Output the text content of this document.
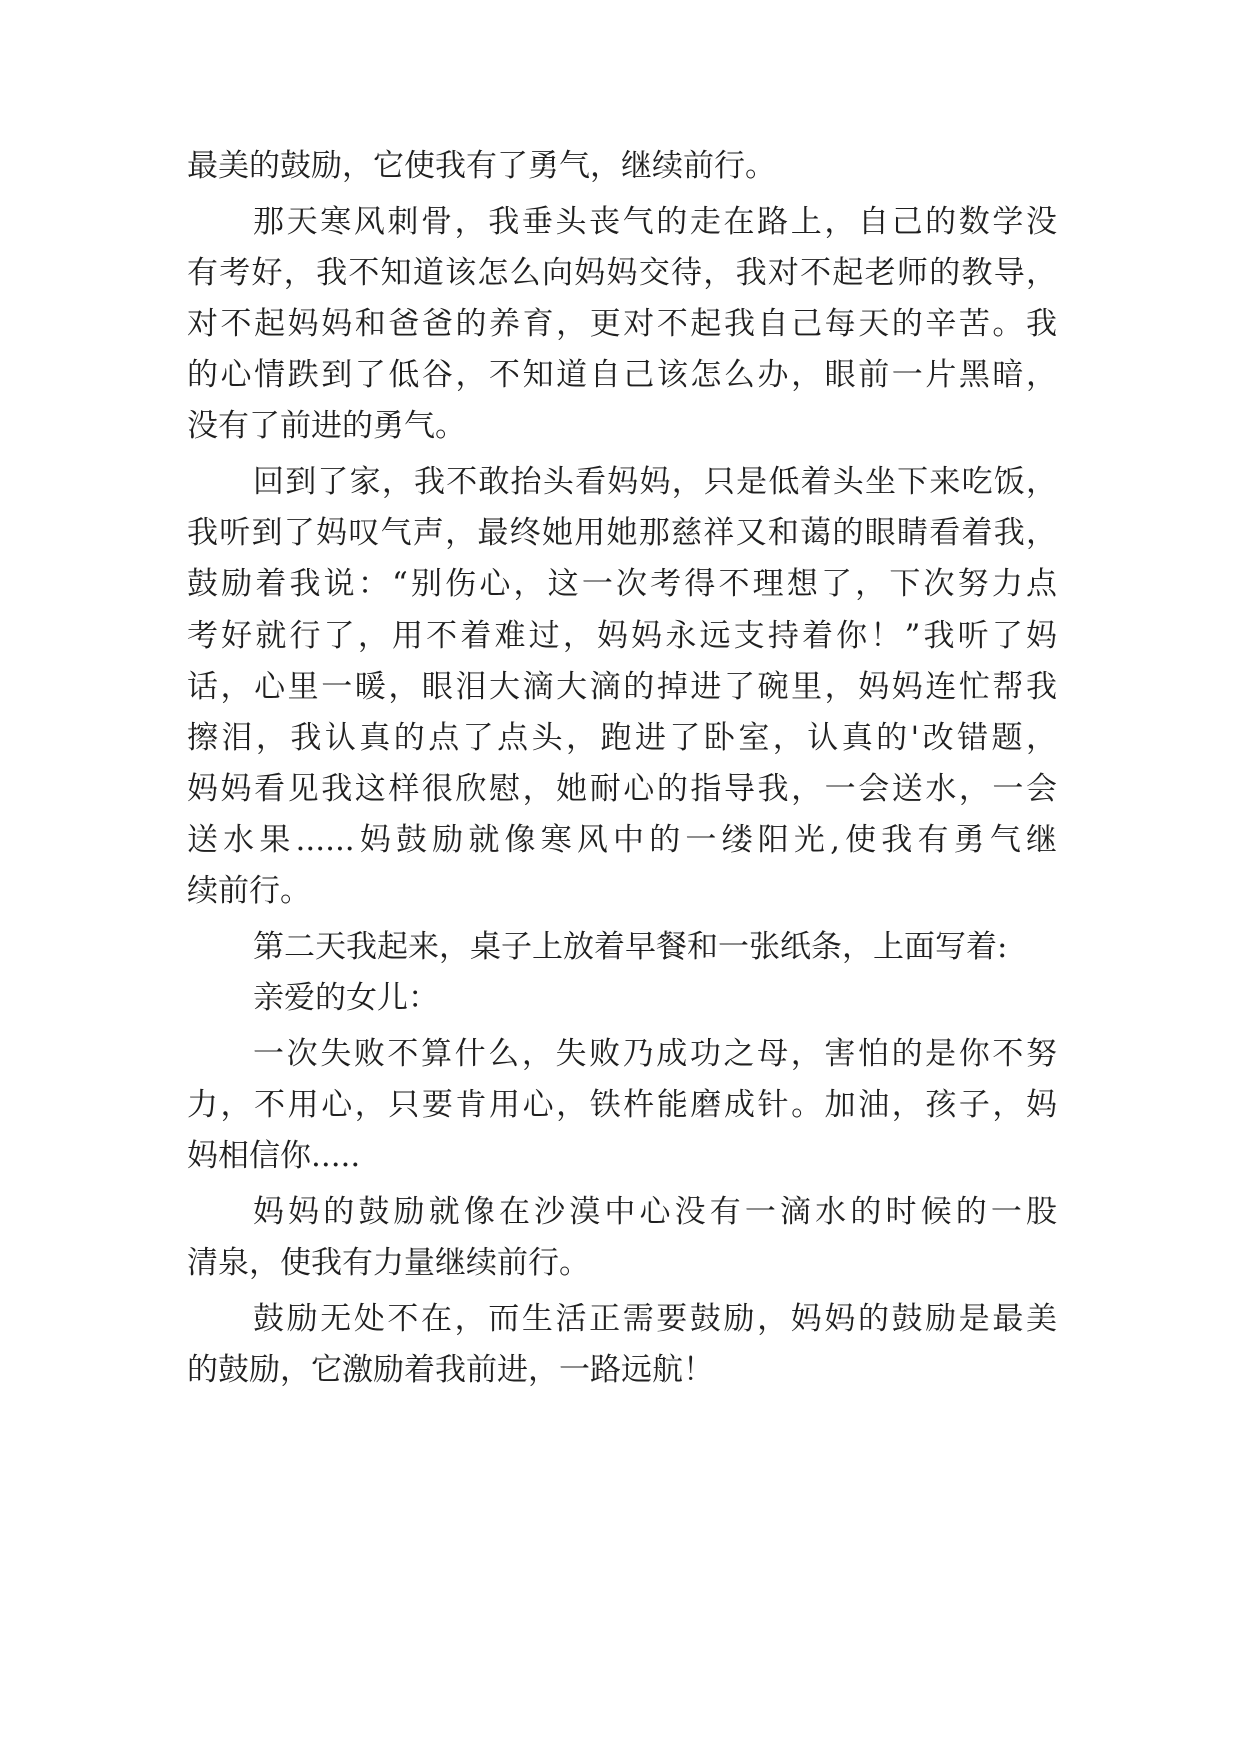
最美的鼓励，它使我有了勇气，继续前行。
那天寒风刺骨，我垂头丧气的走在路上，自己的数学没
有考好，我不知道该怎么向妈妈交待，我对不起老师的教导，
对不起妈妈和爸爸的养育，更对不起我自己每天的辛苦。我
的心情跌到了低谷，不知道自己该怎么办，眼前一片黑暗，
没有了前进的勇气。
回到了家，我不敢抬头看妈妈，只是低着头坐下来吃饭，
我听到了妈叹气声，最终她用她那慈祥又和蔼的眼睛看着我，
鼓励着我说：“别伤心，这一次考得不理想了，下次努力点
考好就行了，用不着难过，妈妈永远支持着你！”我听了妈
话，心里一暖，眼泪大滴大滴的掉进了碗里，妈妈连忙帮我
擦泪，我认真的点了点头，跑进了卧室，认真的'改错题，
妈妈看见我这样很欣慰，她耐心的指导我，一会送水，一会
送水果......妈鼓励就像寒风中的一缕阳光,使我有勇气继
续前行。
第二天我起来，桌子上放着早餐和一张纸条，上面写着:
亲爱的女儿：
一次失败不算什么，失败乃成功之母，害怕的是你不努
力，不用心，只要肯用心，铁杵能磨成针。加油，孩子，妈
妈相信你.....
妈妈的鼓励就像在沙漠中心没有一滴水的时候的一股
清泉，使我有力量继续前行。
鼓励无处不在，而生活正需要鼓励，妈妈的鼓励是最美
的鼓励，它激励着我前进，一路远航！
